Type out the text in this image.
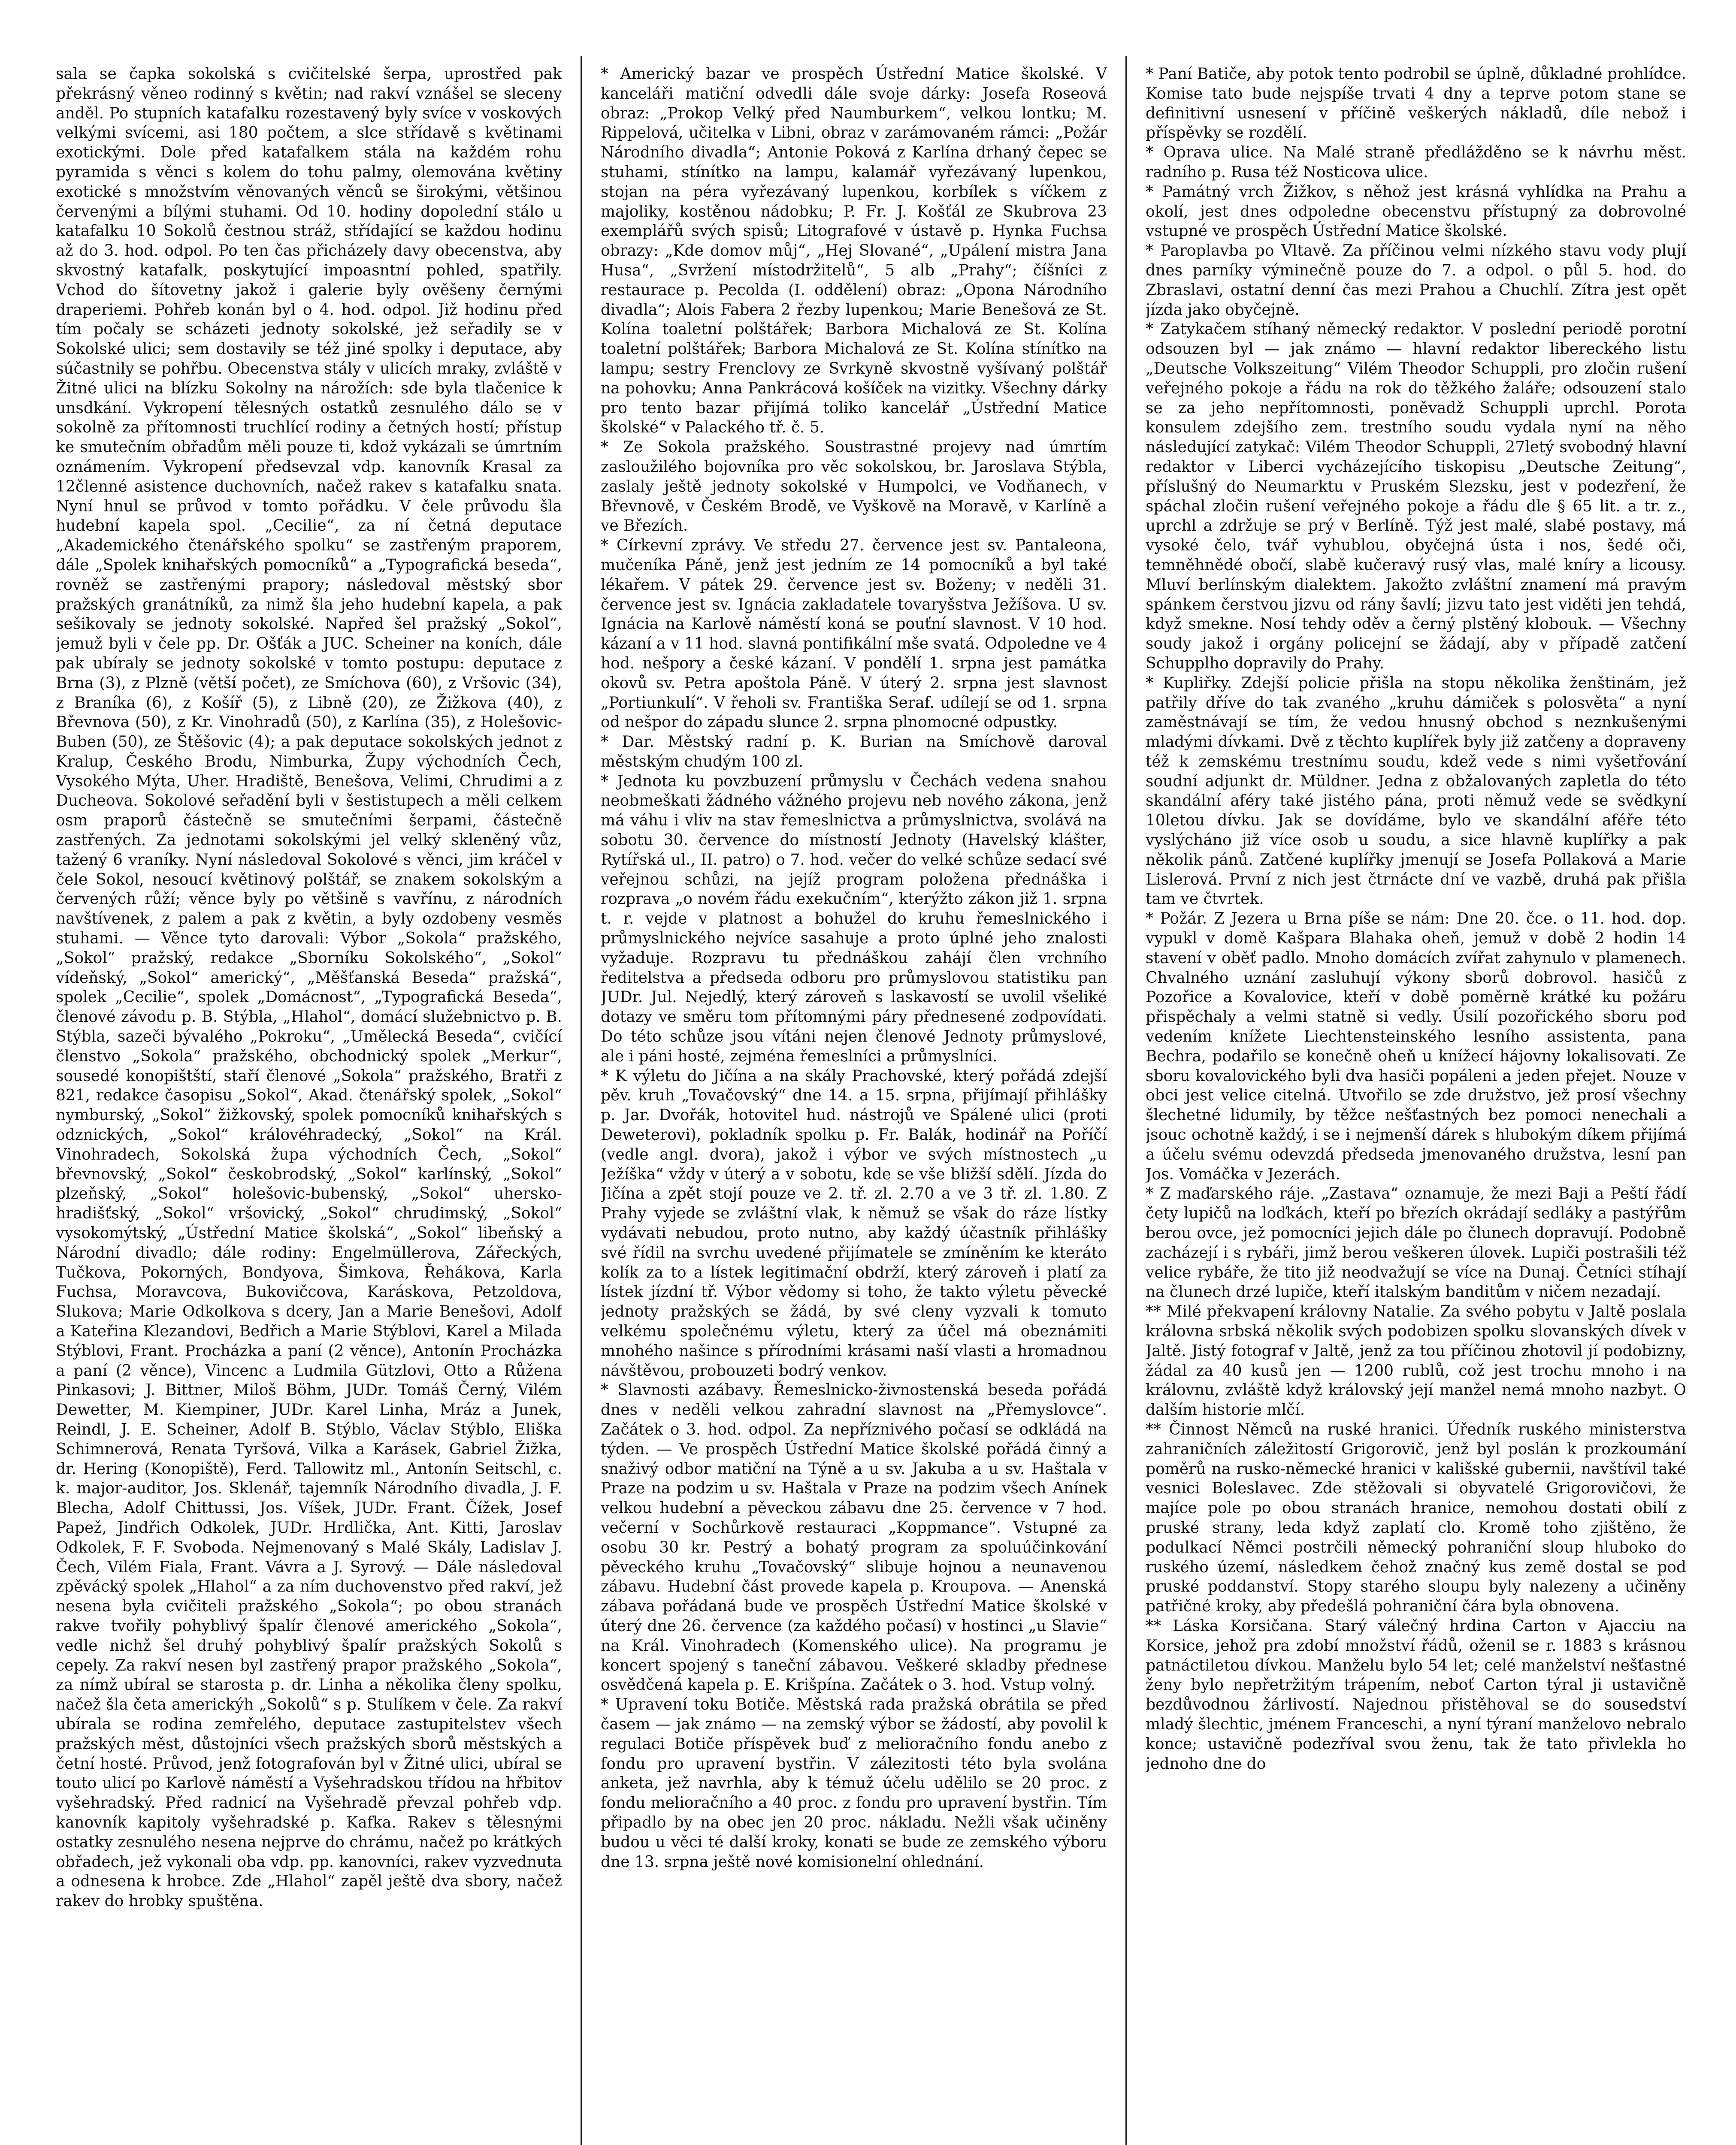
sala se čapka sokolská s cvičitelské šerpa, uprostřed pak překrásný věneo rodinný s květin; nad rakví vznášel se sleceny anděl. Po stupních katafalku rozestavený byly svíce v voskových velkými svícemi, asi 180 počtem, a slce střídavě s květinami exotickými. Dole před katafalkem stála na každém rohu pyramida s věnci s kolem do tohu palmy, olemována květiny exotické s množstvím věnovaných věnců se širokými, většinou červenými a bílými stuhami. Od 10. hodiny dopolední stálo u katafalku 10 Sokolů čestnou stráž, střídající se každou hodinu až do 3. hod. odpol. Po ten čas přicházely davy obecenstva, aby skvostný katafalk, poskytující impoasntní pohled, spatřily. Vchod do šítovetny jakož i galerie byly ověšeny černými draperiemi. Pohřeb konán byl o 4. hod. odpol. Již hodinu před tím počaly se scházeti jednoty sokolské, jež seřadily se v Sokolské ulici; sem dostavily se též jiné spolky i deputace, aby súčastnily se pohřbu. Obecenstva stály v ulicích mraky, zvláště v Žitné ulici na blízku Sokolny na nárožích: sde byla tlačenice k unsdkání. Vykropení tělesných ostatků zesnulého dálo se v sokolně za přítomnosti truchlící rodiny a četných hostí; přístup ke smutečním obřadům měli pouze ti, kdož vykázali se úmrtním oznámením. Vykropení předsevzal vdp. kanovník Krasal za 12členné asistence duchovních, načež rakev s katafalku snata. Nyní hnul se průvod v tomto pořádku. V čele průvodu šla hudební kapela spol. „Cecilie“, za ní četná deputace „Akademického čtenářského spolku“ se zastřeným praporem, dále „Spolek knihařských pomocníků“ a „Typografická beseda“, rovněž se zastřenými prapory; následoval městský sbor pražských granátníků, za nimž šla jeho hudební kapela, a pak sešikovaly se jednoty sokolské. Napřed šel pražský „Sokol“, jemuž byli v čele pp. Dr. Ošťák a JUC. Scheiner na koních, dále pak ubíraly se jednoty sokolské v tomto postupu: deputace z Brna (3), z Plzně (větší počet), ze Smíchova (60), z Vršovic (34), z Braníka (6), z Košíř (5), z Libně (20), ze Žižkova (40), z Břevnova (50), z Kr. Vinohradů (50), z Karlína (35), z Holešovic-Buben (50), ze Štěšovic (4); a pak deputace sokolských jednot z Kralup, Českého Brodu, Nimburka, Župy východních Čech, Vysokého Mýta, Uher. Hradiště, Benešova, Velimi, Chrudimi a z Ducheova. Sokolové seřadění byli v šestistupech a měli celkem osm praporů částečně se smutečními šerpami, částečně zastřených. Za jednotami sokolskými jel velký skleněný vůz, tažený 6 vraníky. Nyní následoval Sokolové s věnci, jim kráčel v čele Sokol, nesoucí květinový polštář, se znakem sokolským a červených růží; věnce byly po většině s vavřínu, z národních navštívenek, z palem a pak z květin, a byly ozdobeny vesměs stuhami. — Věnce tyto darovali: Výbor „Sokola“ pražského, „Sokol“ pražský, redakce „Sborníku Sokolského“, „Sokol“ vídeňský, „Sokol“ americký“, „Měšťanská Beseda“ pražská“, spolek „Cecilie“, spolek „Domácnost“, „Typografická Beseda“, členové závodu p. B. Stýbla, „Hlahol“, domácí služebnictvo p. B. Stýbla, sazeči bývalého „Pokroku“, „Umělecká Beseda“, cvičící členstvo „Sokola“ pražského, obchodnický spolek „Merkur“, sousedé konopištští, staří členové „Sokola“ pražského, Bratři z 821, redakce časopisu „Sokol“, Akad. čtenářský spolek, „Sokol“ nymburský, „Sokol“ žižkovský, spolek pomocníků knihařských s odznických, „Sokol“ královéhradecký, „Sokol“ na Král. Vinohradech, Sokolská župa východních Čech, „Sokol“ břevnovský, „Sokol“ českobrodský, „Sokol“ karlínský, „Sokol“ plzeňský, „Sokol“ holešovic-bubenský, „Sokol“ uhersko-hradišťský, „Sokol“ vršovický, „Sokol“ chrudimský, „Sokol“ vysokomýtský, „Ústřední Matice školská“, „Sokol“ libeňský a Národní divadlo; dále rodiny: Engelmüllerova, Zářeckých, Tučkova, Pokorných, Bondyova, Šimkova, Řehákova, Karla Fuchsa, Moravcova, Bukovičcova, Karáskova, Petzoldova, Slukova; Marie Odkolkova s dcery, Jan a Marie Benešovi, Adolf a Kateřina Klezandovi, Bedřich a Marie Stýblovi, Karel a Milada Stýblovi, Frant. Procházka a paní (2 věnce), Antonín Procházka a paní (2 věnce), Vincenc a Ludmila Gützlovi, Otto a Růžena Pinkasovi; J. Bittner, Miloš Böhm, JUDr. Tomáš Černý, Vilém Dewetter, M. Kiempiner, JUDr. Karel Linha, Mráz a Junek, Reindl, J. E. Scheiner, Adolf B. Stýblo, Václav Stýblo, Eliška Schimnerová, Renata Tyršová, Vilka a Karásek, Gabriel Žižka, dr. Hering (Konopiště), Ferd. Tallowitz ml., Antonín Seitschl, c. k. major-auditor, Jos. Sklenář, tajemník Národního divadla, J. F. Blecha, Adolf Chittussi, Jos. Víšek, JUDr. Frant. Čížek, Josef Papež, Jindřich Odkolek, JUDr. Hrdlička, Ant. Kitti, Jaroslav Odkolek, F. F. Svoboda. Nejmenovaný s Malé Skály, Ladislav J. Čech, Vilém Fiala, Frant. Vávra a J. Syrový. — Dále následoval zpěvácký spolek „Hlahol“ a za ním duchovenstvo před rakví, jež nesena byla cvičiteli pražského „Sokola“; po obou stranách rakve tvořily pohyblivý špalír členové amerického „Sokola“, vedle nichž šel druhý pohyblivý špalír pražských Sokolů s cepely. Za rakví nesen byl zastřený prapor pražského „Sokola“, za nímž ubíral se starosta p. dr. Linha a několika členy spolku, načež šla četa americkýh „Sokolů“ s p. Stulíkem v čele. Za rakví ubírala se rodina zemřelého, deputace zastupitelstev všech pražských měst, důstojníci všech pražských sborů městských a četní hosté. Průvod, jenž fotografován byl v Žitné ulici, ubíral se touto ulicí po Karlově náměstí a Vyšehradskou třídou na hřbitov vyšehradský. Před radnicí na Vyšehradě převzal pohřeb vdp. kanovník kapitoly vyšehradské p. Kafka. Rakev s tělesnými ostatky zesnulého nesena nejprve do chrámu, načež po krátkých obřadech, jež vykonali oba vdp. pp. kanovníci, rakev vyzvednuta a odnesena k hrobce. Zde „Hlahol“ zapěl ještě dva sbory, načež rakev do hrobky spuštěna.

* Americký bazar ve prospěch Ústřední Matice školské. V kanceláři matiční odvedli dále svoje dárky: Josefa Roseová obraz: „Prokop Velký před Naumburkem“, velkou lontku; M. Rippelová, učitelka v Libni, obraz v zarámovaném rámci: „Požár Národního divadla“; Antonie Poková z Karlína drhaný čepec se stuhami, stínítko na lampu, kalamář vyřezávaný lupenkou, stojan na péra vyřezávaný lupenkou, korbílek s víčkem z majoliky, kostěnou nádobku; P. Fr. J. Košťál ze Skubrova 23 exemplářů svých spisů; Litografové v ústavě p. Hynka Fuchsa obrazy: „Kde domov můj“, „Hej Slované“, „Upálení mistra Jana Husa“, „Svržení místodržitelů“, 5 alb „Prahy“; číšníci z restaurace p. Pecolda (I. oddělení) obraz: „Opona Národního divadla“; Alois Fabera 2 řezby lupenkou; Marie Benešová ze St. Kolína toaletní polštářek; Barbora Michalová ze St. Kolína toaletní polštářek; Barbora Michalová ze St. Kolína stínítko na lampu; sestry Frenclovy ze Svrkyně skvostně vyšívaný polštář na pohovku; Anna Pankrácová košíček na vizitky. Všechny dárky pro tento bazar přijímá toliko kancelář „Ústřední Matice školské“ v Palackého tř. č. 5.

* Ze Sokola pražského. Soustrastné projevy nad úmrtím zasloužilého bojovníka pro věc sokolskou, br. Jaroslava Stýbla, zaslaly ještě jednoty sokolské v Humpolci, ve Vodňanech, v Břevnově, v Českém Brodě, ve Vyškově na Moravě, v Karlíně a ve Březích.

* Církevní zprávy. Ve středu 27. července jest sv. Pantaleona, mučeníka Páně, jenž jest jedním ze 14 pomocníků a byl také lékařem. V pátek 29. července jest sv. Boženy; v neděli 31. července jest sv. Ignácia zakladatele tovaryšstva Ježíšova. U sv. Ignácia na Karlově náměstí koná se pouťní slavnost. V 10 hod. kázaní a v 11 hod. slavná pontifikální mše svatá. Odpoledne ve 4 hod. nešpory a české kázaní. V pondělí 1. srpna jest památka okovů sv. Petra apoštola Páně. V úterý 2. srpna jest slavnost „Portiunkulí“. V řeholi sv. Františka Seraf. udílejí se od 1. srpna od nešpor do západu slunce 2. srpna plnomocné odpustky.

* Dar. Městský radní p. K. Burian na Smíchově daroval městským chudým 100 zl.

* Jednota ku povzbuzení průmyslu v Čechách vedena snahou neobmeškati žádného vážného projevu neb nového zákona, jenž má váhu i vliv na stav řemeslnictva a průmyslnictva, svolává na sobotu 30. července do místností Jednoty (Havelský klášter, Rytířská ul., II. patro) o 7. hod. večer do velké schůze sedací své veřejnou schůzi, na jejíž program položena přednáška i rozprava „o novém řádu exekučním“, kterýžto zákon již 1. srpna t. r. vejde v platnost a bohužel do kruhu řemeslnického i průmyslnického nejvíce sasahuje a proto úplné jeho znalosti vyžaduje. Rozpravu tu přednáškou zahájí člen vrchního ředitelstva a předseda odboru pro průmyslovou statistiku pan JUDr. Jul. Nejedlý, který zároveň s laskavostí se uvolil všeliké dotazy ve směru tom přítomnými páry přednesené zodpovídati. Do této schůze jsou vítáni nejen členové Jednoty průmyslové, ale i páni hosté, zejména řemeslníci a průmyslníci.

* K výletu do Jičína a na skály Prachovské, který pořádá zdejší pěv. kruh „Tovačovský“ dne 14. a 15. srpna, přijímají přihlášky p. Jar. Dvořák, hotovitel hud. nástrojů ve Spálené ulici (proti Deweterovi), pokladník spolku p. Fr. Balák, hodinář na Poříčí (vedle angl. dvora), jakož i výbor ve svých místnostech „u Ježíška“ vždy v úterý a v sobotu, kde se vše bližší sdělí. Jízda do Jičína a zpět stojí pouze ve 2. tř. zl. 2.70 a ve 3 tř. zl. 1.80. Z Prahy vyjede se zvláštní vlak, k němuž se však do ráze lístky vydávati nebudou, proto nutno, aby každý účastník přihlášky své řídil na svrchu uvedené přijímatele se zmíněním ke kteráto kolík za to a lístek legitimační obdrží, který zároveň i platí za lístek jízdní tř. Výbor vědomy si toho, že takto výletu pěvecké jednoty pražských se žádá, by své cleny vyzvali k tomuto velkému společnému výletu, který za účel má obeznámiti mnohého našince s přírodními krásami naší vlasti a hromadnou návštěvou, probouzeti bodrý venkov.

* Slavnosti azábavy. Řemeslnicko-živnostenská beseda pořádá dnes v neděli velkou zahradní slavnost na „Přemyslovce“. Začátek o 3. hod. odpol. Za nepříznivého počasí se odkládá na týden. — Ve prospěch Ústřední Matice školské pořádá činný a snaživý odbor matiční na Týně a u sv. Jakuba a u sv. Haštala v Praze na podzim u sv. Haštala v Praze na podzim všech Anínek velkou hudební a pěveckou zábavu dne 25. července v 7 hod. večerní v Sochůrkově restauraci „Koppmance“. Vstupné za osobu 30 kr. Pestrý a bohatý program za spoluúčinkování pěveckého kruhu „Tovačovský“ slibuje hojnou a neunavenou zábavu. Hudební část provede kapela p. Kroupova. — Anenská zábava pořádaná bude ve prospěch Ústřední Matice školské v úterý dne 26. července (za každého počasí) v hostinci „u Slavie“ na Král. Vinohradech (Komenského ulice). Na programu je koncert spojený s taneční zábavou. Veškeré skladby přednese osvědčená kapela p. E. Krišpína. Začátek o 3. hod. Vstup volný.

* Upravení toku Botiče. Městská rada pražská obrátila se před časem — jak známo — na zemský výbor se žádostí, aby povolil k regulaci Botiče příspěvek buď z melioračního fondu anebo z fondu pro upravení bystřin. V zálezitosti této byla svolána anketa, jež navrhla, aby k témuž účelu udělilo se 20 proc. z fondu melioračního a 40 proc. z fondu pro upravení bystřin. Tím připadlo by na obec jen 20 proc. nákladu. Nežli však učiněny budou u věci té další kroky, konati se bude ze zemského výboru dne 13. srpna ještě nové komisionelní ohlednání.

* Paní Batiče, aby potok tento podrobil se úplně, důkladné prohlídce. Komise tato bude nejspíše trvati 4 dny a teprve potom stane se definitivní usnesení v příčině veškerých nákladů, díle nebož i příspěvky se rozdělí.

* Oprava ulice. Na Malé straně předlážděno se k návrhu měst. radního p. Rusa též Nosticova ulice.

* Památný vrch Žižkov, s něhož jest krásná vyhlídka na Prahu a okolí, jest dnes odpoledne obecenstvu přístupný za dobrovolné vstupné ve prospěch Ústřední Matice školské.

* Paroplavba po Vltavě. Za příčinou velmi nízkého stavu vody plují dnes parníky výminečně pouze do 7. a odpol. o půl 5. hod. do Zbraslavi, ostatní denní čas mezi Prahou a Chuchlí. Zítra jest opět jízda jako obyčejně.

* Zatykačem stíhaný německý redaktor. V poslední periodě porotní odsouzen byl — jak známo — hlavní redaktor libereckého listu „Deutsche Volkszeitung“ Vilém Theodor Schuppli, pro zločin rušení veřejného pokoje a řádu na rok do těžkého žaláře; odsouzení stalo se za jeho nepřítomnosti, poněvadž Schuppli uprchl. Porota konsulem zdejšího zem. trestního soudu vydala nyní na něho následující zatykač: Vilém Theodor Schuppli, 27letý svobodný hlavní redaktor v Liberci vycházejícího tiskopisu „Deutsche Zeitung“, příslušný do Neumarktu v Pruském Slezsku, jest v podezření, že spáchal zločin rušení veřejného pokoje a řádu dle § 65 lit. a tr. z., uprchl a zdržuje se prý v Berlíně. Týž jest malé, slabé postavy, má vysoké čelo, tvář vyhublou, obyčejná ústa i nos, šedé oči, temněhnědé obočí, slabě kučeravý rusý vlas, malé kníry a licousy. Mluví berlínským dialektem. Jakožto zvláštní znamení má pravým spánkem čerstvou jizvu od rány šavlí; jizvu tato jest viděti jen tehdá, když smekne. Nosí tehdy oděv a černý plstěný klobouk. — Všechny soudy jakož i orgány policejní se žádají, aby v případě zatčení Schupplho dopravily do Prahy.

* Kupliřky. Zdejší policie přišla na stopu několika ženštinám, jež patřily dříve do tak zvaného „kruhu dámiček s polosvěta“ a nyní zaměstnávají se tím, že vedou hnusný obchod s neznkušenými mladými dívkami. Dvě z těchto kuplířek byly již zatčeny a dopraveny též k zemskému trestnímu soudu, kdež vede s nimi vyšetřování soudní adjunkt dr. Müldner. Jedna z obžalovaných zapletla do této skandální aféry také jistého pána, proti němuž vede se svědkyní 10letou dívku. Jak se dovídáme, bylo ve skandální aféře této vyslýcháno již více osob u soudu, a sice hlavně kuplířky a pak několik pánů. Zatčené kuplířky jmenují se Josefa Pollaková a Marie Lislerová. První z nich jest čtrnácte dní ve vazbě, druhá pak přišla tam ve čtvrtek.

* Požár. Z Jezera u Brna píše se nám: Dne 20. čce. o 11. hod. dop. vypukl v domě Kašpara Blahaka oheň, jemuž v době 2 hodin 14 stavení v oběť padlo. Mnoho domácích zvířat zahynulo v plamenech. Chvalného uznání zasluhují výkony sborů dobrovol. hasičů z Pozořice a Kovalovice, kteří v době poměrně krátké ku požáru přispěchaly a velmi statně si vedly. Úsilí pozořického sboru pod vedením knížete Liechtensteinského lesního assistenta, pana Bechra, podařilo se konečně oheň u knížecí hájovny lokalisovati. Ze sboru kovalovického byli dva hasiči popáleni a jeden přejet. Nouze v obci jest velice citelná. Utvořilo se zde družstvo, jež prosí všechny šlechetné lidumily, by těžce nešťastných bez pomoci nenechali a jsouc ochotně každý, i se i nejmenší dárek s hlubokým díkem přijímá a účelu svému odevzdá předseda jmenovaného družstva, lesní pan Jos. Vomáčka v Jezerách.

* Z maďarského ráje. „Zastava“ oznamuje, že mezi Baji a Peští řádí čety lupičů na loďkách, kteří po březích okrádají sedláky a pastýřům berou ovce, jež pomocníci jejich dále po člunech dopravují. Podobně zacházejí i s rybáři, jimž berou veškeren úlovek. Lupiči postrašili též velice rybáře, že tito již neodvažují se více na Dunaj. Četníci stíhají na člunech drzé lupiče, kteří italským banditům v ničem nezadají.

** Milé překvapení královny Natalie. Za svého pobytu v Jaltě poslala královna srbská několik svých podobizen spolku slovanských dívek v Jaltě. Jistý fotograf v Jaltě, jenž za tou příčinou zhotovil jí podobizny, žádal za 40 kusů jen — 1200 rublů, což jest trochu mnoho i na královnu, zvláště když královský její manžel nemá mnoho nazbyt. O dalším historie mlčí.

** Činnost Němců na ruské hranici. Úředník ruského ministerstva zahraničních záležitostí Grigorovič, jenž byl poslán k prozkoumání poměrů na rusko-německé hranici v kališské gubernii, navštívil také vesnici Boleslavec. Zde stěžovali si obyvatelé Grigorovičovi, že majíce pole po obou stranách hranice, nemohou dostati obilí z pruské strany, leda když zaplatí clo. Kromě toho zjištěno, že podulkací Němci postrčili německý pohraniční sloup hluboko do ruského území, následkem čehož značný kus země dostal se pod pruské poddanství. Stopy starého sloupu byly nalezeny a učiněny patřičné kroky, aby předešlá pohraniční čára byla obnovena.

** Láska Korsičana. Starý válečný hrdina Carton v Ajacciu na Korsice, jehož pra zdobí množství řádů, oženil se r. 1883 s krásnou patnáctiletou dívkou. Manželu bylo 54 let; celé manželství nešťastné ženy bylo nepřetržitým trápením, neboť Carton týral ji ustavičně bezdůvodnou žárlivostí. Najednou přistěhoval se do sousedství mladý šlechtic, jménem Franceschi, a nyní týraní manželovo nebralo konce; ustavičně podezříval svou ženu, tak že tato přivlekla ho jednoho dne do
